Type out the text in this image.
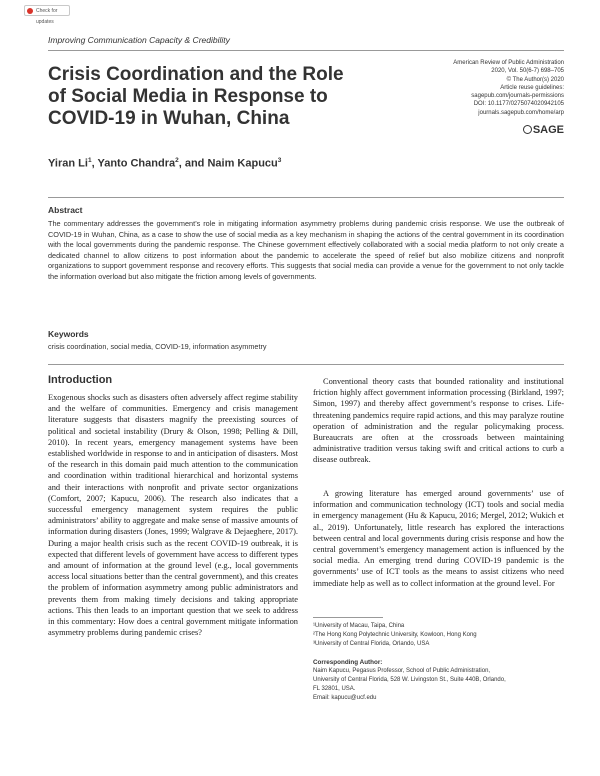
Check for updates
Improving Communication Capacity & Credibility
Crisis Coordination and the Role of Social Media in Response to COVID-19 in Wuhan, China
American Review of Public Administration
2020, Vol. 50(6-7) 698–705
© The Author(s) 2020
Article reuse guidelines:
sagepub.com/journals-permissions
DOI: 10.1177/0275074020942105
journals.sagepub.com/home/arp
SAGE
Yiran Li$^1$, Yanto Chandra$^2$, and Naim Kapucu$^3$
Abstract

The commentary addresses the government’s role in mitigating information asymmetry problems during pandemic crisis response. We use the outbreak of COVID-19 in Wuhan, China, as a case to show the use of social media as a key mechanism in shaping the actions of the central government in its coordination with the local governments during the pandemic response. The Chinese government effectively collaborated with a social media platform to not only create a dedicated channel to allow citizens to post information about the pandemic to accelerate the speed of relief but also mobilize citizens and nonprofit organizations to support government response and recovery efforts. This suggests that social media can provide a venue for the government to not only tackle the information overload but also mitigate the friction among levels of governments.

Keywords
crisis coordination, social media, COVID-19, information asymmetry
Introduction

Exogenous shocks such as disasters often adversely affect regime stability and the welfare of communities. Emergency and crisis management literature suggests that disasters magnify the preexisting sources of political and societal instability (Drury & Olson, 1998; Pelling & Dill, 2010). In recent years, emergency management systems have been established worldwide in response to and in anticipation of disasters. Most of the research in this domain paid much attention to the communication and coordination within traditional hierarchical and horizontal systems and their interactions with nonprofit and private sector organizations (Comfort, 2007; Kapucu, 2006). The research also indicates that a successful emergency management system requires the public administrators’ ability to aggregate and make sense of massive amounts of information during disasters (Jones, 1999; Walgrave & Dejaeghere, 2017). During a major health crisis such as the recent COVID-19 outbreak, it is expected that different levels of government have access to different types and amount of information at the ground level (e.g., local governments access local situations better than the central government), and this creates the problem of information asymmetry among public administrators and prevents them from making timely decisions and taking appropriate actions. This then leads to an important question that we seek to address in this commentary: How does a central government mitigate information asymmetry problems during pandemic crises?

Conventional theory casts that bounded rationality and institutional friction highly affect government information processing (Birkland, 1997; Simon, 1997) and thereby affect government’s response to crises. Life-threatening pandemics require rapid actions, and this may paralyze routine operation of administration and the regular policymaking process. Bureaucrats are often at the crossroads between maintaining administrative tradition versus taking swift and critical actions to curb a disease outbreak.

A growing literature has emerged around governments’ use of information and communication technology (ICT) tools and social media in emergency management (Hu & Kapucu, 2016; Mergel, 2012; Wukich et al., 2019). Unfortunately, little research has explored the interactions between central and local governments during crisis response and how the central government’s emergency management action is influenced by the social media. An emerging trend during COVID-19 pandemic is the governments’ use of ICT tools as the means to assist citizens who need immediate help as well as to collect information at the ground level. For

¹University of Macau, Taipa, China
²The Hong Kong Polytechnic University, Kowloon, Hong Kong
³University of Central Florida, Orlando, USA
Corresponding Author:
Naim Kapucu, Pegasus Professor, School of Public Administration,
University of Central Florida, 528 W. Livingston St., Suite 440B, Orlando,
FL 32801, USA.
Email: kapucu@ucf.edu
